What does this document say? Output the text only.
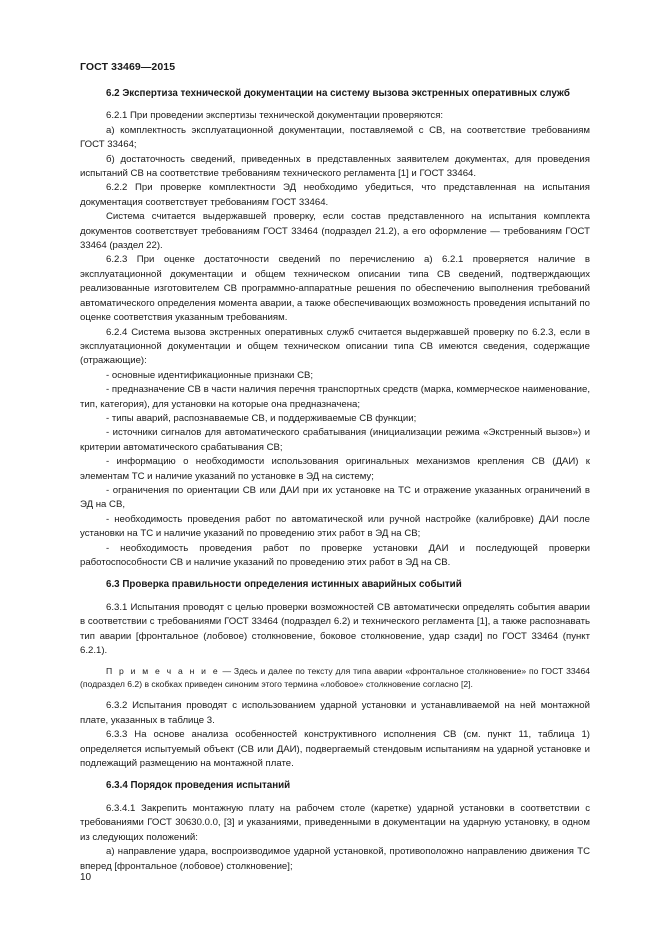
ГОСТ 33469—2015

6.2 Экспертиза технической документации на систему вызова экстренных оперативных служб

6.2.1 При проведении экспертизы технической документации проверяются:

а) комплектность эксплуатационной документации, поставляемой с СВ, на соответствие требованиям ГОСТ 33464;

б) достаточность сведений, приведенных в представленных заявителем документах, для проведения испытаний СВ на соответствие требованиям технического регламента [1] и ГОСТ 33464.

6.2.2 При проверке комплектности ЭД необходимо убедиться, что представленная на испытания документация соответствует требованиям ГОСТ 33464.

Система считается выдержавшей проверку, если состав представленного на испытания комплекта документов соответствует требованиям ГОСТ 33464 (подраздел 21.2), а его оформление — требованиям ГОСТ 33464 (раздел 22).

6.2.3 При оценке достаточности сведений по перечислению а) 6.2.1 проверяется наличие в эксплуатационной документации и общем техническом описании типа СВ сведений, подтверждающих реализованные изготовителем СВ программно-аппаратные решения по обеспечению выполнения требований автоматического определения момента аварии, а также обеспечивающих возможность проведения испытаний по оценке соответствия указанным требованиям.

6.2.4 Система вызова экстренных оперативных служб считается выдержавшей проверку по 6.2.3, если в эксплуатационной документации и общем техническом описании типа СВ имеются сведения, содержащие (отражающие):

- основные идентификационные признаки СВ;

- предназначение СВ в части наличия перечня транспортных средств (марка, коммерческое наименование, тип, категория), для установки на которые она предназначена;

- типы аварий, распознаваемые СВ, и поддерживаемые СВ функции;

- источники сигналов для автоматического срабатывания (инициализации режима «Экстренный вызов») и критерии автоматического срабатывания СВ;

- информацию о необходимости использования оригинальных механизмов крепления СВ (ДАИ) к элементам ТС и наличие указаний по установке в ЭД на систему;

- ограничения по ориентации СВ или ДАИ при их установке на ТС и отражение указанных ограничений в ЭД на СВ,

- необходимость проведения работ по автоматической или ручной настройке (калибровке) ДАИ после установки на ТС и наличие указаний по проведению этих работ в ЭД на СВ;

- необходимость проведения работ по проверке установки ДАИ и последующей проверки работоспособности СВ и наличие указаний по проведению этих работ в ЭД на СВ.

6.3 Проверка правильности определения истинных аварийных событий

6.3.1 Испытания проводят с целью проверки возможностей СВ автоматически определять события аварии в соответствии с требованиями ГОСТ 33464 (подраздел 6.2) и технического регламента [1], а также распознавать тип аварии [фронтальное (лобовое) столкновение, боковое столкновение, удар сзади] по ГОСТ 33464 (пункт 6.2.1).

П р и м е ч а н и е — Здесь и далее по тексту для типа аварии «фронтальное столкновение» по ГОСТ 33464 (подраздел 6.2) в скобках приведен синоним этого термина «лобовое» столкновение согласно [2].

6.3.2 Испытания проводят с использованием ударной установки и устанавливаемой на ней монтажной плате, указанных в таблице 3.

6.3.3 На основе анализа особенностей конструктивного исполнения СВ (см. пункт 11, таблица 1) определяется испытуемый объект (СВ или ДАИ), подвергаемый стендовым испытаниям на ударной установке и подлежащий размещению на монтажной плате.

6.3.4 Порядок проведения испытаний

6.3.4.1 Закрепить монтажную плату на рабочем столе (каретке) ударной установки в соответствии с требованиями ГОСТ 30630.0.0, [3] и указаниями, приведенными в документации на ударную установку, в одном из следующих положений:

а) направление удара, воспроизводимое ударной установкой, противоположно направлению движения ТС вперед [фронтальное (лобовое) столкновение];

10
